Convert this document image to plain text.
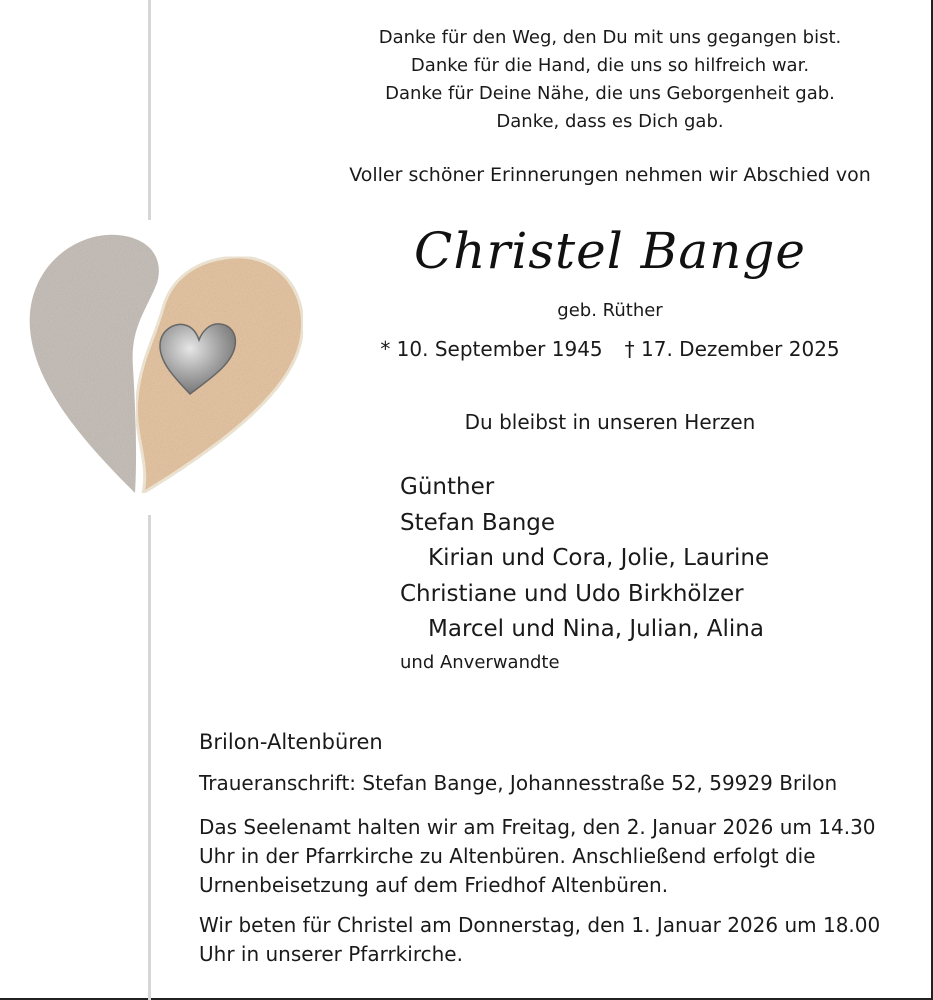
Danke für den Weg, den Du mit uns gegangen bist.
Danke für die Hand, die uns so hilfreich war.
Danke für Deine Nähe, die uns Geborgenheit gab.
Danke, dass es Dich gab.
Voller schöner Erinnerungen nehmen wir Abschied von
Christel Bange
geb. Rüther
* 10. September 1945 † 17. Dezember 2025
Du bleibst in unseren Herzen
Günther
Stefan Bange
Kirian und Cora, Jolie, Laurine
Christiane und Udo Birkhölzer
Marcel und Nina, Julian, Alina
und Anverwandte
Brilon-Altenbüren
Traueranschrift: Stefan Bange, Johannesstraße 52, 59929 Brilon
Das Seelenamt halten wir am Freitag, den 2. Januar 2026 um 14.30 Uhr in der Pfarrkirche zu Altenbüren. Anschließend erfolgt die Urnenbeisetzung auf dem Friedhof Altenbüren.
Wir beten für Christel am Donnerstag, den 1. Januar 2026 um 18.00 Uhr in unserer Pfarrkirche.
